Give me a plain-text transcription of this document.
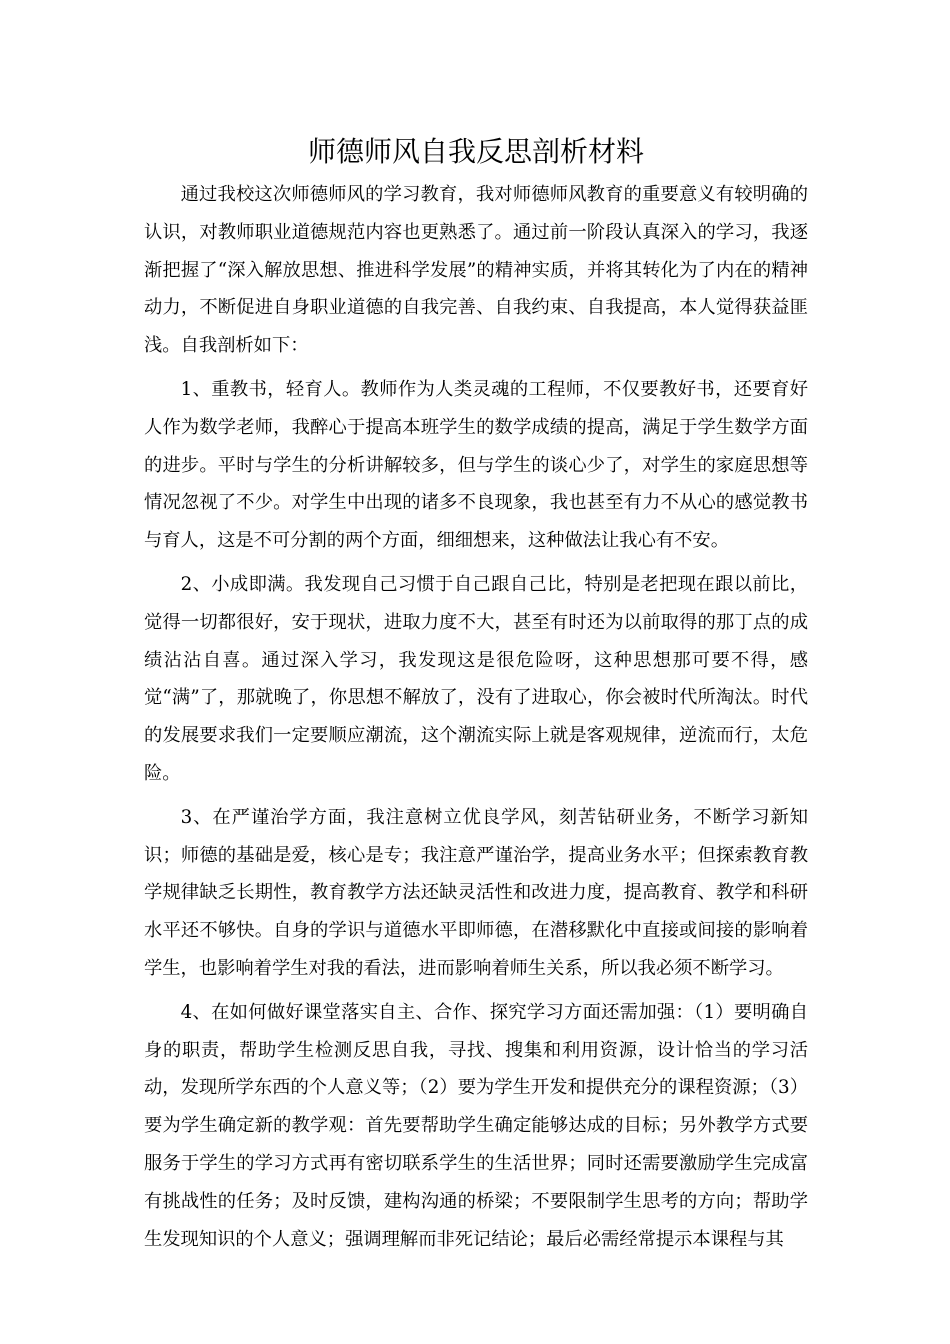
师德师风自我反思剖析材料

通过我校这次师德师风的学习教育，我对师德师风教育的重要意义有较明确的认识，对教师职业道德规范内容也更熟悉了。通过前一阶段认真深入的学习，我逐渐把握了“深入解放思想、推进科学发展”的精神实质，并将其转化为了内在的精神动力，不断促进自身职业道德的自我完善、自我约束、自我提高，本人觉得获益匪浅。自我剖析如下：

1、重教书，轻育人。教师作为人类灵魂的工程师，不仅要教好书，还要育好人作为数学老师，我醉心于提高本班学生的数学成绩的提高，满足于学生数学方面的进步。平时与学生的分析讲解较多，但与学生的谈心少了，对学生的家庭思想等情况忽视了不少。对学生中出现的诸多不良现象，我也甚至有力不从心的感觉教书与育人，这是不可分割的两个方面，细细想来，这种做法让我心有不安。

2、小成即满。我发现自己习惯于自己跟自己比，特别是老把现在跟以前比，觉得一切都很好，安于现状，进取力度不大，甚至有时还为以前取得的那丁点的成绩沾沾自喜。通过深入学习，我发现这是很危险呀，这种思想那可要不得，感觉“满”了，那就晚了，你思想不解放了，没有了进取心，你会被时代所淘汰。时代的发展要求我们一定要顺应潮流，这个潮流实际上就是客观规律，逆流而行，太危险。

3、在严谨治学方面，我注意树立优良学风，刻苦钻研业务，不断学习新知识；师德的基础是爱，核心是专；我注意严谨治学，提高业务水平；但探索教育教学规律缺乏长期性，教育教学方法还缺灵活性和改进力度，提高教育、教学和科研水平还不够快。自身的学识与道德水平即师德，在潜移默化中直接或间接的影响着学生，也影响着学生对我的看法，进而影响着师生关系，所以我必须不断学习。

4、在如何做好课堂落实自主、合作、探究学习方面还需加强：（1）要明确自身的职责，帮助学生检测反思自我，寻找、搜集和利用资源，设计恰当的学习活动，发现所学东西的个人意义等；（2）要为学生开发和提供充分的课程资源；（3）要为学生确定新的教学观：首先要帮助学生确定能够达成的目标；另外教学方式要服务于学生的学习方式再有密切联系学生的生活世界；同时还需要激励学生完成富有挑战性的任务；及时反馈，建构沟通的桥梁；不要限制学生思考的方向；帮助学生发现知识的个人意义；强调理解而非死记结论；最后必需经常提示本课程与其
